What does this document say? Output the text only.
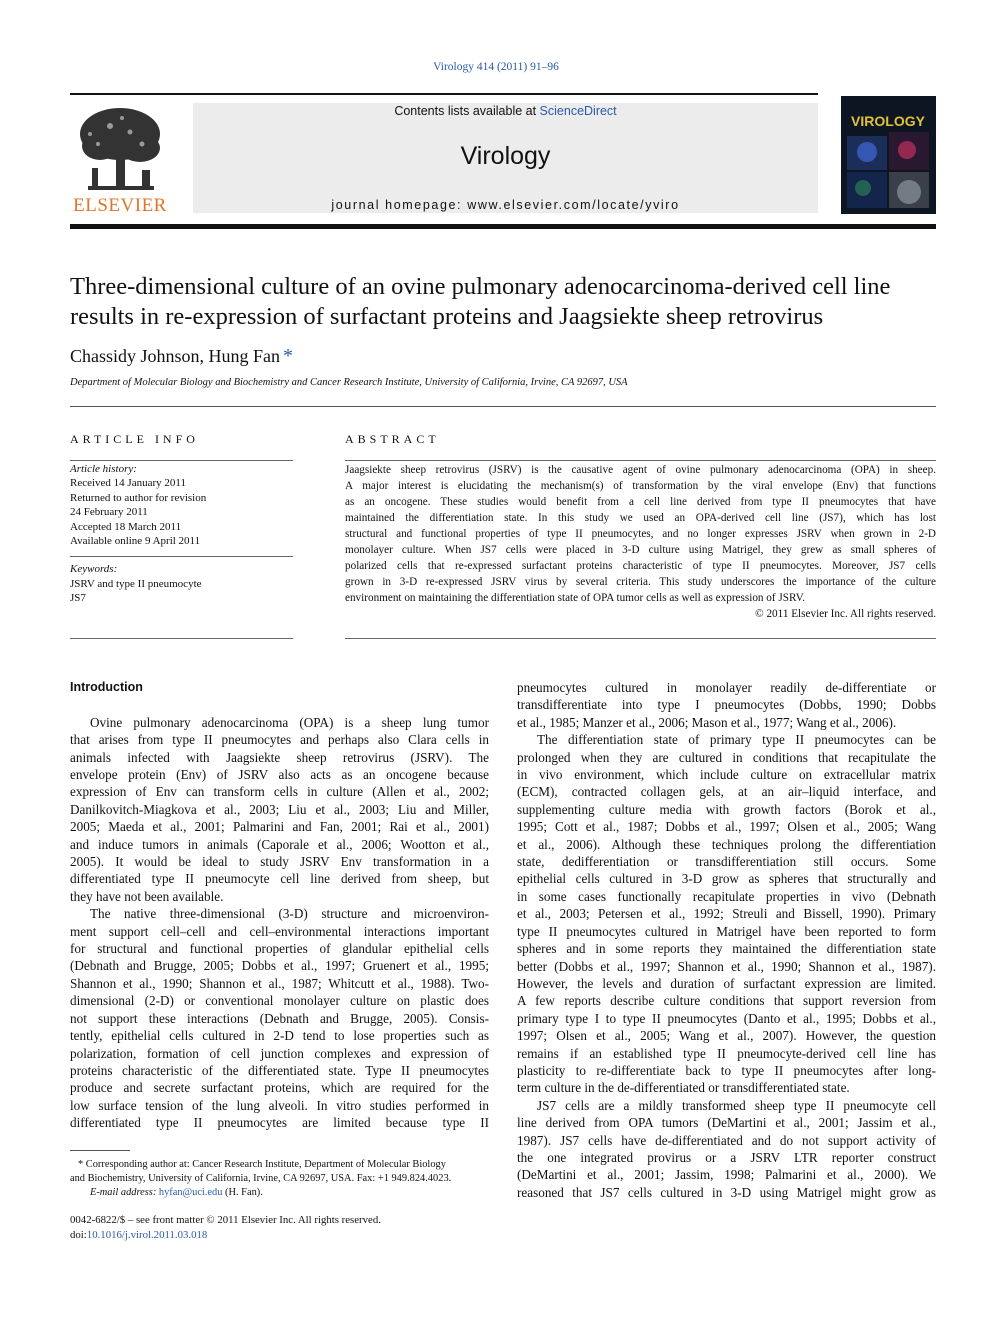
Virology 414 (2011) 91–96
ELSEVIER
Contents lists available at ScienceDirect
Virology
journal homepage: www.elsevier.com/locate/yviro
VIROLOGY
Three-dimensional culture of an ovine pulmonary adenocarcinoma-derived cell line
results in re-expression of surfactant proteins and Jaagsiekte sheep retrovirus
Chassidy Johnson, Hung Fan *
Department of Molecular Biology and Biochemistry and Cancer Research Institute, University of California, Irvine, CA 92697, USA
ARTICLE INFO	ABSTRACT
Article history:
Received 14 January 2011
Returned to author for revision
24 February 2011
Accepted 18 March 2011
Available online 9 April 2011
Keywords:
JSRV and type II pneumocyte
JS7
Jaagsiekte sheep retrovirus (JSRV) is the causative agent of ovine pulmonary adenocarcinoma (OPA) in sheep.
A major interest is elucidating the mechanism(s) of transformation by the viral envelope (Env) that functions
as an oncogene. These studies would benefit from a cell line derived from type II pneumocytes that have
maintained the differentiation state. In this study we used an OPA-derived cell line (JS7), which has lost
structural and functional properties of type II pneumocytes, and no longer expresses JSRV when grown in 2-D
monolayer culture. When JS7 cells were placed in 3-D culture using Matrigel, they grew as small spheres of
polarized cells that re-expressed surfactant proteins characteristic of type II pneumocytes. Moreover, JS7 cells
grown in 3-D re-expressed JSRV virus by several criteria. This study underscores the importance of the culture
environment on maintaining the differentiation state of OPA tumor cells as well as expression of JSRV.
© 2011 Elsevier Inc. All rights reserved.
Introduction
Ovine pulmonary adenocarcinoma (OPA) is a sheep lung tumor
that arises from type II pneumocytes and perhaps also Clara cells in
animals infected with Jaagsiekte sheep retrovirus (JSRV). The
envelope protein (Env) of JSRV also acts as an oncogene because
expression of Env can transform cells in culture (Allen et al., 2002;
Danilkovitch-Miagkova et al., 2003; Liu et al., 2003; Liu and Miller,
2005; Maeda et al., 2001; Palmarini and Fan, 2001; Rai et al., 2001)
and induce tumors in animals (Caporale et al., 2006; Wootton et al.,
2005). It would be ideal to study JSRV Env transformation in a
differentiated type II pneumocyte cell line derived from sheep, but
they have not been available.
The native three-dimensional (3-D) structure and microenviron-
ment support cell–cell and cell–environmental interactions important
for structural and functional properties of glandular epithelial cells
(Debnath and Brugge, 2005; Dobbs et al., 1997; Gruenert et al., 1995;
Shannon et al., 1990; Shannon et al., 1987; Whitcutt et al., 1988). Two-
dimensional (2-D) or conventional monolayer culture on plastic does
not support these interactions (Debnath and Brugge, 2005). Consis-
tently, epithelial cells cultured in 2-D tend to lose properties such as
polarization, formation of cell junction complexes and expression of
proteins characteristic of the differentiated state. Type II pneumocytes
produce and secrete surfactant proteins, which are required for the
low surface tension of the lung alveoli. In vitro studies performed in
differentiated type II pneumocytes are limited because type II
pneumocytes cultured in monolayer readily de-differentiate or
transdifferentiate into type I pneumocytes (Dobbs, 1990; Dobbs
et al., 1985; Manzer et al., 2006; Mason et al., 1977; Wang et al., 2006).
The differentiation state of primary type II pneumocytes can be
prolonged when they are cultured in conditions that recapitulate the
in vivo environment, which include culture on extracellular matrix
(ECM), contracted collagen gels, at an air–liquid interface, and
supplementing culture media with growth factors (Borok et al.,
1995; Cott et al., 1987; Dobbs et al., 1997; Olsen et al., 2005; Wang
et al., 2006). Although these techniques prolong the differentiation
state, dedifferentiation or transdifferentiation still occurs. Some
epithelial cells cultured in 3-D grow as spheres that structurally and
in some cases functionally recapitulate properties in vivo (Debnath
et al., 2003; Petersen et al., 1992; Streuli and Bissell, 1990). Primary
type II pneumocytes cultured in Matrigel have been reported to form
spheres and in some reports they maintained the differentiation state
better (Dobbs et al., 1997; Shannon et al., 1990; Shannon et al., 1987).
However, the levels and duration of surfactant expression are limited.
A few reports describe culture conditions that support reversion from
primary type I to type II pneumocytes (Danto et al., 1995; Dobbs et al.,
1997; Olsen et al., 2005; Wang et al., 2007). However, the question
remains if an established type II pneumocyte-derived cell line has
plasticity to re-differentiate back to type II pneumocytes after long-
term culture in the de-differentiated or transdifferentiated state.
JS7 cells are a mildly transformed sheep type II pneumocyte cell
line derived from OPA tumors (DeMartini et al., 2001; Jassim et al.,
1987). JS7 cells have de-differentiated and do not support activity of
the one integrated provirus or a JSRV LTR reporter construct
(DeMartini et al., 2001; Jassim, 1998; Palmarini et al., 2000). We
reasoned that JS7 cells cultured in 3-D using Matrigel might grow as
* Corresponding author at: Cancer Research Institute, Department of Molecular Biology
and Biochemistry, University of California, Irvine, CA 92697, USA. Fax: +1 949.824.4023.
E-mail address: hyfan@uci.edu (H. Fan).
0042-6822/$ – see front matter © 2011 Elsevier Inc. All rights reserved.
doi:10.1016/j.virol.2011.03.018
